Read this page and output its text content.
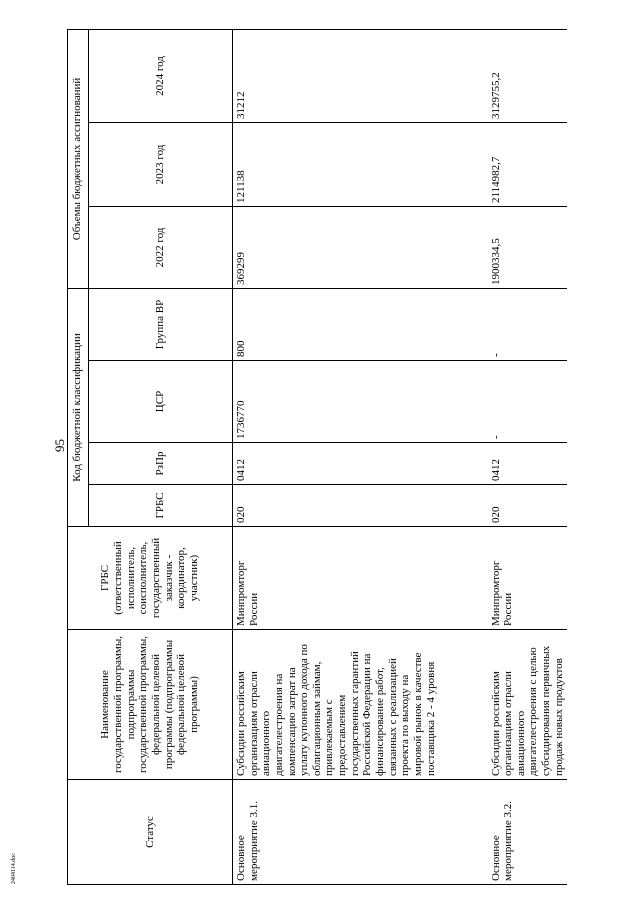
95
2404114.doc
Статус	Наименование государственной программы, подпрограммы государственной программы, федеральной целевой программы (подпрограммы федеральной целевой программы)	ГРБС (ответственный исполнитель, соисполнитель, государственный заказчик - координатор, участник)	Код бюджетной классификации				Объемы бюджетных ассигнований		
			ГРБС	РзПр	ЦСР	Группа ВР	2022 год	2023 год	2024 год
Основное мероприятие 3.1.	Субсидии российским организациям отрасли авиационного двигателестроения на компенсацию затрат на уплату купонного дохода по облигационным займам, привлекаемым с предоставлением государственных гарантий Российской Федерации на финансирование работ, связанных с реализацией проекта по выходу на мировой рынок в качестве поставщика 2 - 4 уровня	Минпромторг России	020	0412	1736770	800	369299	121138	31212
Основное мероприятие 3.2.	Субсидии российским организациям отрасли авиационного двигателестроения с целью субсидирования первичных продаж новых продуктов	Минпромторг России	020	0412	-	-	1900334,5	2114982,7	3129755,2
